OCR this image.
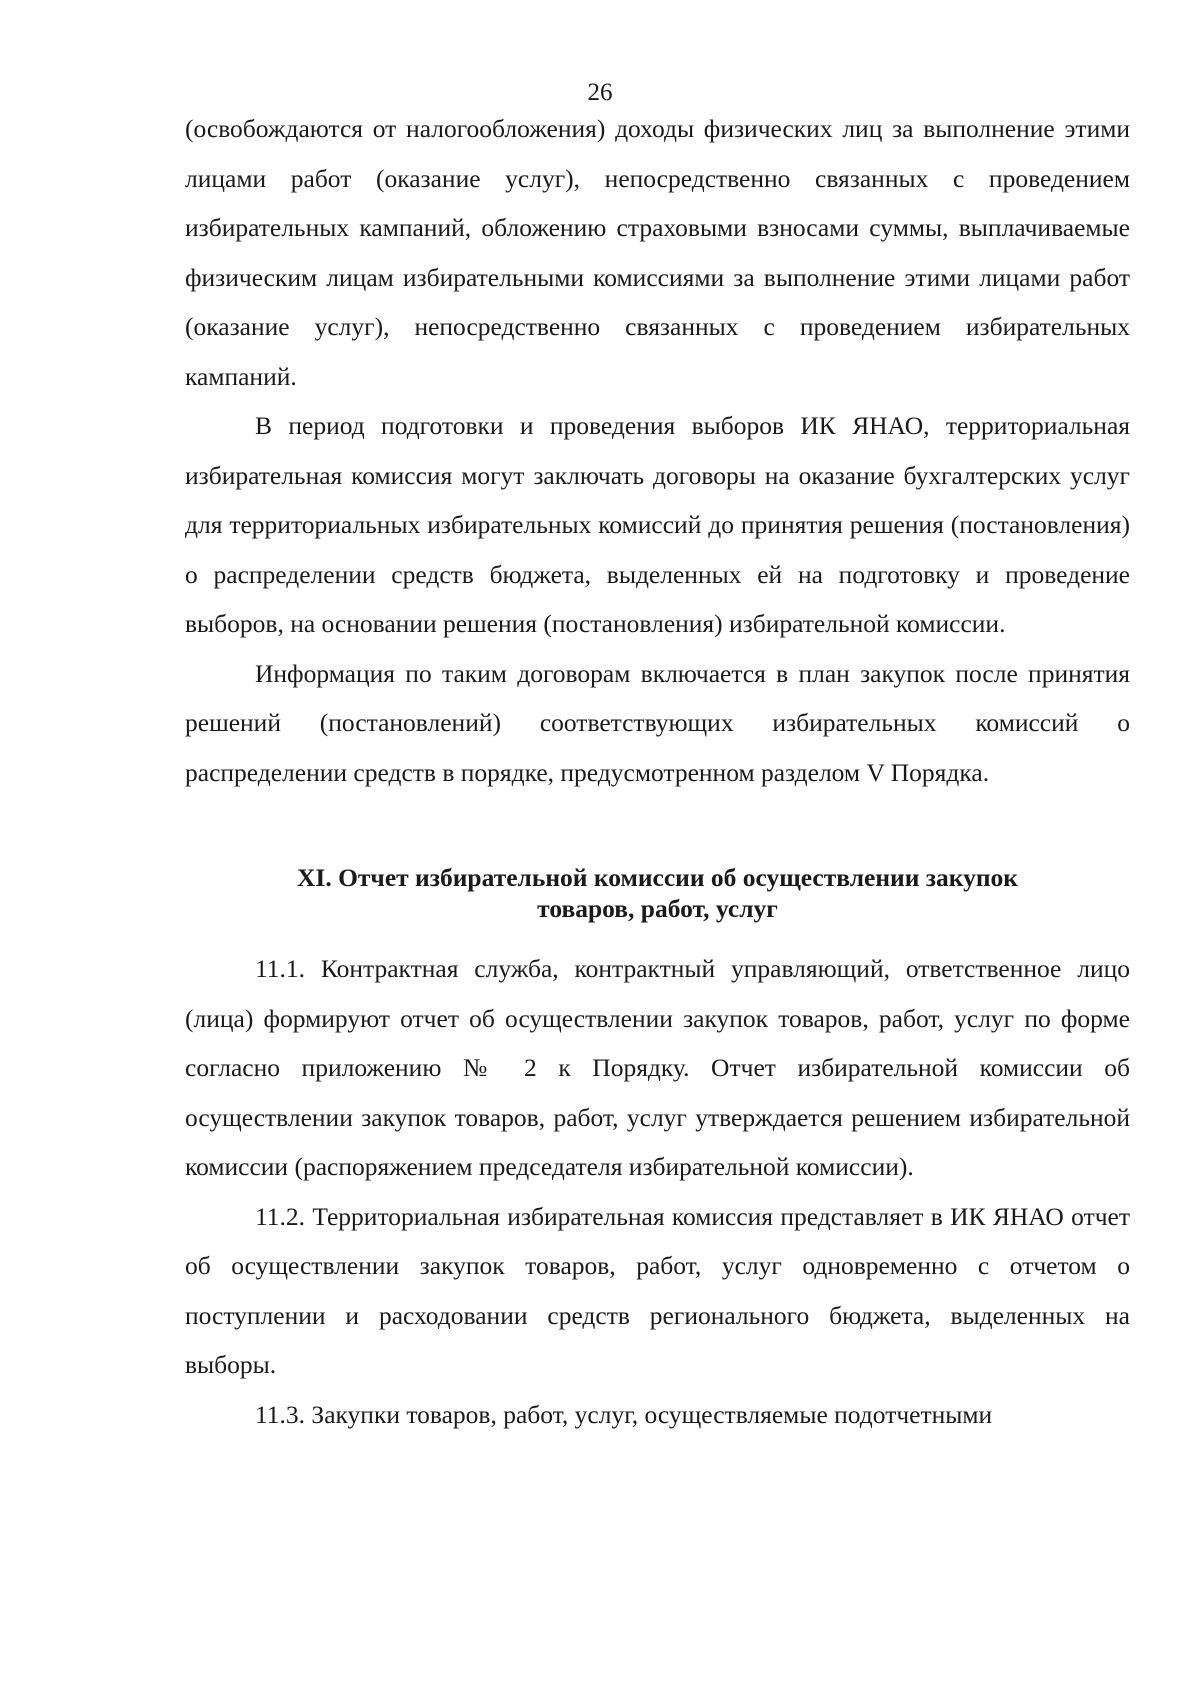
26

(освобождаются от налогообложения) доходы физических лиц за выполнение этими лицами работ (оказание услуг), непосредственно связанных с проведением избирательных кампаний, обложению страховыми взносами суммы, выплачиваемые физическим лицам избирательными комиссиями за выполнение этими лицами работ (оказание услуг), непосредственно связанных с проведением избирательных кампаний.

В период подготовки и проведения выборов ИК ЯНАО, территориальная избирательная комиссия могут заключать договоры на оказание бухгалтерских услуг для территориальных избирательных комиссий до принятия решения (постановления) о распределении средств бюджета, выделенных ей на подготовку и проведение выборов, на основании решения (постановления) избирательной комиссии.

Информация по таким договорам включается в план закупок после принятия решений (постановлений) соответствующих избирательных комиссий о распределении средств в порядке, предусмотренном разделом V Порядка.

XI. Отчет избирательной комиссии об осуществлении закупок
товаров, работ, услуг

11.1. Контрактная служба, контрактный управляющий, ответственное лицо (лица) формируют отчет об осуществлении закупок товаров, работ, услуг по форме согласно приложению № 2 к Порядку. Отчет избирательной комиссии об осуществлении закупок товаров, работ, услуг утверждается решением избирательной комиссии (распоряжением председателя избирательной комиссии).

11.2. Территориальная избирательная комиссия представляет в ИК ЯНАО отчет об осуществлении закупок товаров, работ, услуг одновременно с отчетом о поступлении и расходовании средств регионального бюджета, выделенных на выборы.

11.3. Закупки товаров, работ, услуг, осуществляемые подотчетными
